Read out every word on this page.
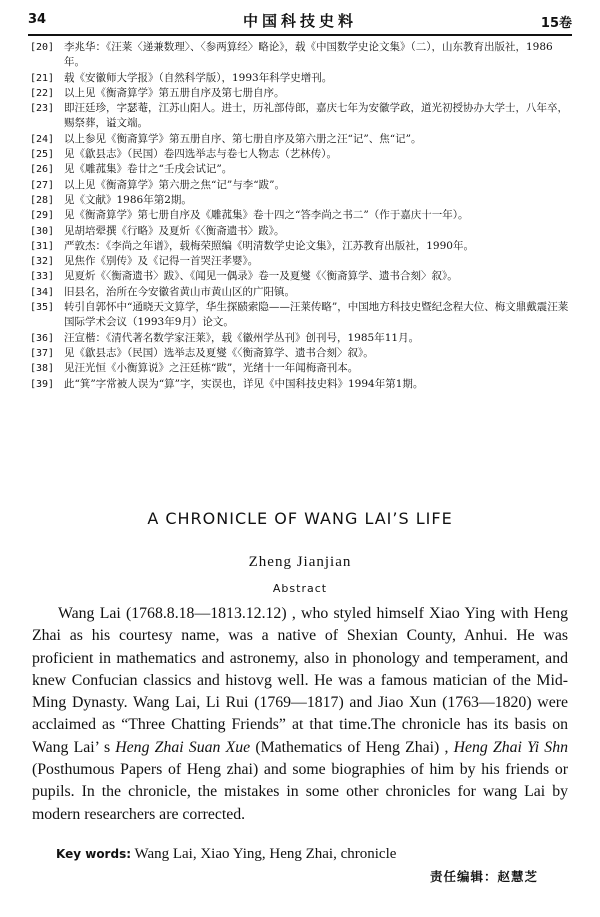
34	中国科技史料	15卷
[20] 李兆华：《汪莱〈递兼数理〉、〈参两算经〉略论》，载《中国数学史论文集》（二），山东教育出版社，1986年。
[21] 载《安徽师大学报》（自然科学版），1993年科学史增刊。
[22] 以上见《衡斋算学》第五册自序及第七册自序。
[23] 即汪廷珍，字瑟菴，江苏山阳人。进士，历礼部侍郎，嘉庆七年为安徽学政，道光初授协办大学士，八年卒，赐祭葬，谥文端。
[24] 以上参见《衡斋算学》第五册自序、第七册自序及第六册之汪“记”、焦“记”。
[25] 见《歙县志》（民国）卷四选举志与卷七人物志（艺林传）。
[26] 见《雕菰集》卷廿之“壬戌会试记”。
[27] 以上见《衡斋算学》第六册之焦“记”与李“跋”。
[28] 见《文献》1986年第2期。
[29] 见《衡斋算学》第七册自序及《雕菰集》卷十四之“答李尚之书二”（作于嘉庆十一年）。
[30] 见胡培翚撰《行略》及夏炘《〈衡斋遗书〉跋》。
[31] 严敦杰：《李尚之年谱》，载梅荣照编《明清数学史论文集》，江苏教育出版社，1990年。
[32] 见焦作《别传》及《记得一首哭汪孝婴》。
[33] 见夏炘《〈衡斋遗书〉跋》、《闻见一偶录》卷一及夏燮《〈衡斋算学、遗书合刻〉叙》。
[34] 旧县名，治所在今安徽省黄山市黄山区的广阳镇。
[35] 转引自郭怀中“通晓天文算学，华生探赜索隐——汪莱传略”，中国地方科技史暨纪念程大位、梅文鼎戴震汪莱国际学术会议（1993年9月）论文。
[36] 汪宣楷：《清代著名数学家汪莱》，载《徽州学丛刊》创刊号，1985年11月。
[37] 见《歙县志》（民国）选举志及夏燮《〈衡斋算学、遗书合刻〉叙》。
[38] 见汪光恒《小衡算说》之汪廷栋“跋”，光绪十一年闻梅斋刊本。
[39] 此“箕”字常被人误为“算”字，实误也，详见《中国科技史料》1994年第1期。
A CHRONICLE OF WANG LAI’S LIFE
Zheng Jianjian
Abstract

Wang Lai (1768.8.18—1813.12.12) , who styled himself Xiao Ying with Heng Zhai as his courtesy name, was a native of Shexian County, Anhui. He was proficient in mathematics and astronemy, also in phonology and temperament, and knew Confucian classics and histovg well. He was a famous matician of the Mid-Ming Dynasty. Wang Lai, Li Rui (1769—1817) and Jiao Xun (1763—1820) were acclaimed as “Three Chatting Friends” at that time.The chronicle has its basis on Wang Lai’ s Heng Zhai Suan Xue (Mathematics of Heng Zhai) , Heng Zhai Yi Shn (Posthumous Papers of Heng zhai) and some biographies of him by his friends or pupils. In the chronicle, the mistakes in some other chronicles for wang Lai by modern researchers are corrected.

Key words: Wang Lai, Xiao Ying, Heng Zhai, chronicle
责任编辑：赵慧芝
